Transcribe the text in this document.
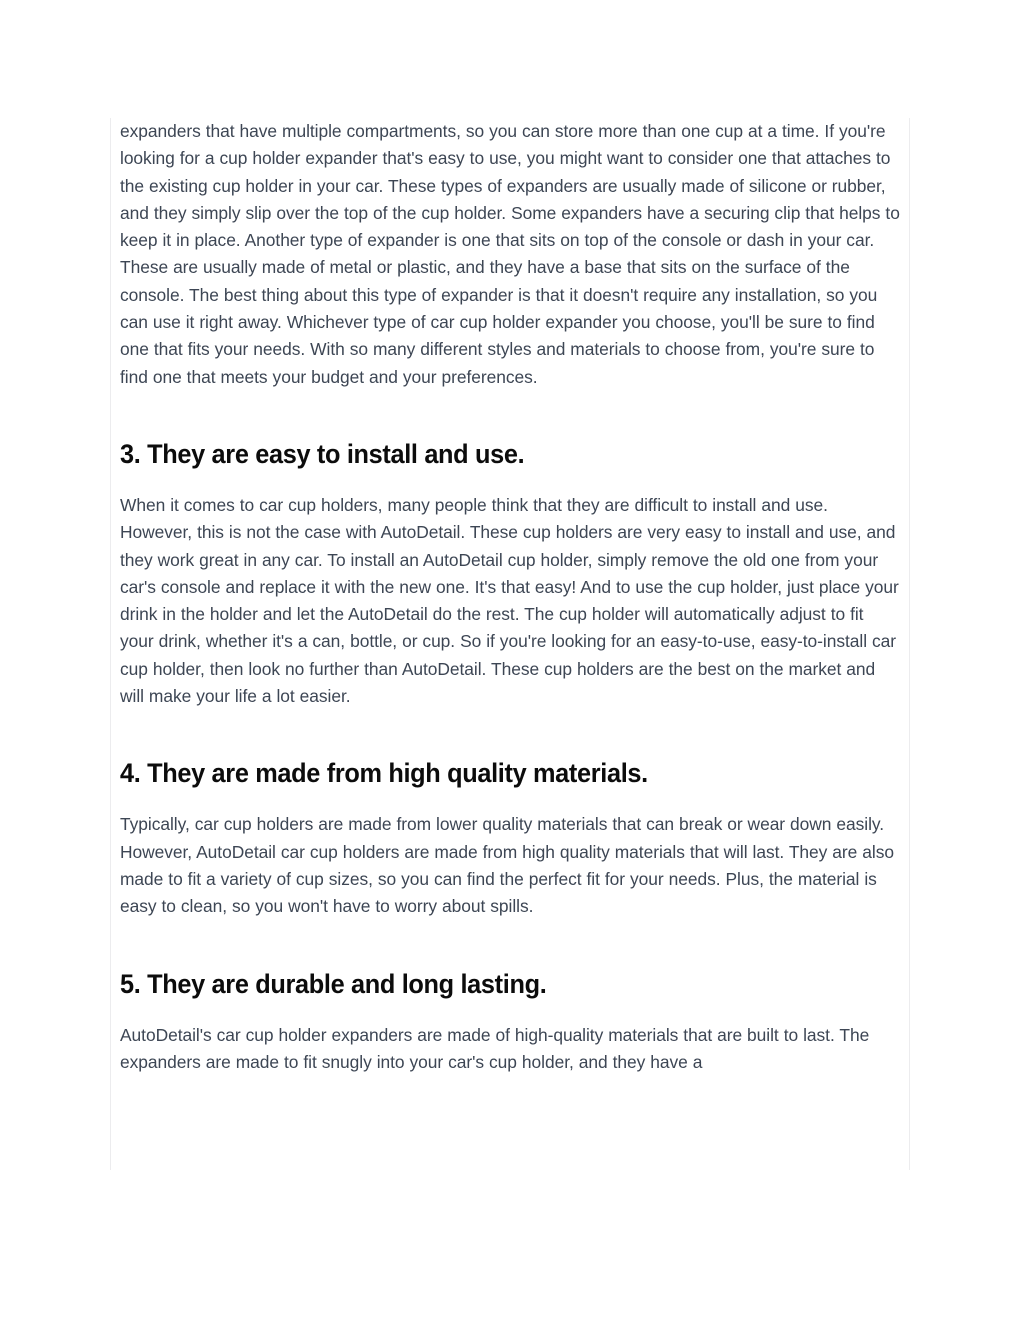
expanders that have multiple compartments, so you can store more than one cup at a time. If you're looking for a cup holder expander that's easy to use, you might want to consider one that attaches to the existing cup holder in your car. These types of expanders are usually made of silicone or rubber, and they simply slip over the top of the cup holder. Some expanders have a securing clip that helps to keep it in place. Another type of expander is one that sits on top of the console or dash in your car. These are usually made of metal or plastic, and they have a base that sits on the surface of the console. The best thing about this type of expander is that it doesn't require any installation, so you can use it right away. Whichever type of car cup holder expander you choose, you'll be sure to find one that fits your needs. With so many different styles and materials to choose from, you're sure to find one that meets your budget and your preferences.

3. They are easy to install and use.

When it comes to car cup holders, many people think that they are difficult to install and use. However, this is not the case with AutoDetail. These cup holders are very easy to install and use, and they work great in any car. To install an AutoDetail cup holder, simply remove the old one from your car's console and replace it with the new one. It's that easy! And to use the cup holder, just place your drink in the holder and let the AutoDetail do the rest. The cup holder will automatically adjust to fit your drink, whether it's a can, bottle, or cup. So if you're looking for an easy-to-use, easy-to-install car cup holder, then look no further than AutoDetail. These cup holders are the best on the market and will make your life a lot easier.

4. They are made from high quality materials.

Typically, car cup holders are made from lower quality materials that can break or wear down easily. However, AutoDetail car cup holders are made from high quality materials that will last. They are also made to fit a variety of cup sizes, so you can find the perfect fit for your needs. Plus, the material is easy to clean, so you won't have to worry about spills.

5. They are durable and long lasting.

AutoDetail's car cup holder expanders are made of high-quality materials that are built to last. The expanders are made to fit snugly into your car's cup holder, and they have a
